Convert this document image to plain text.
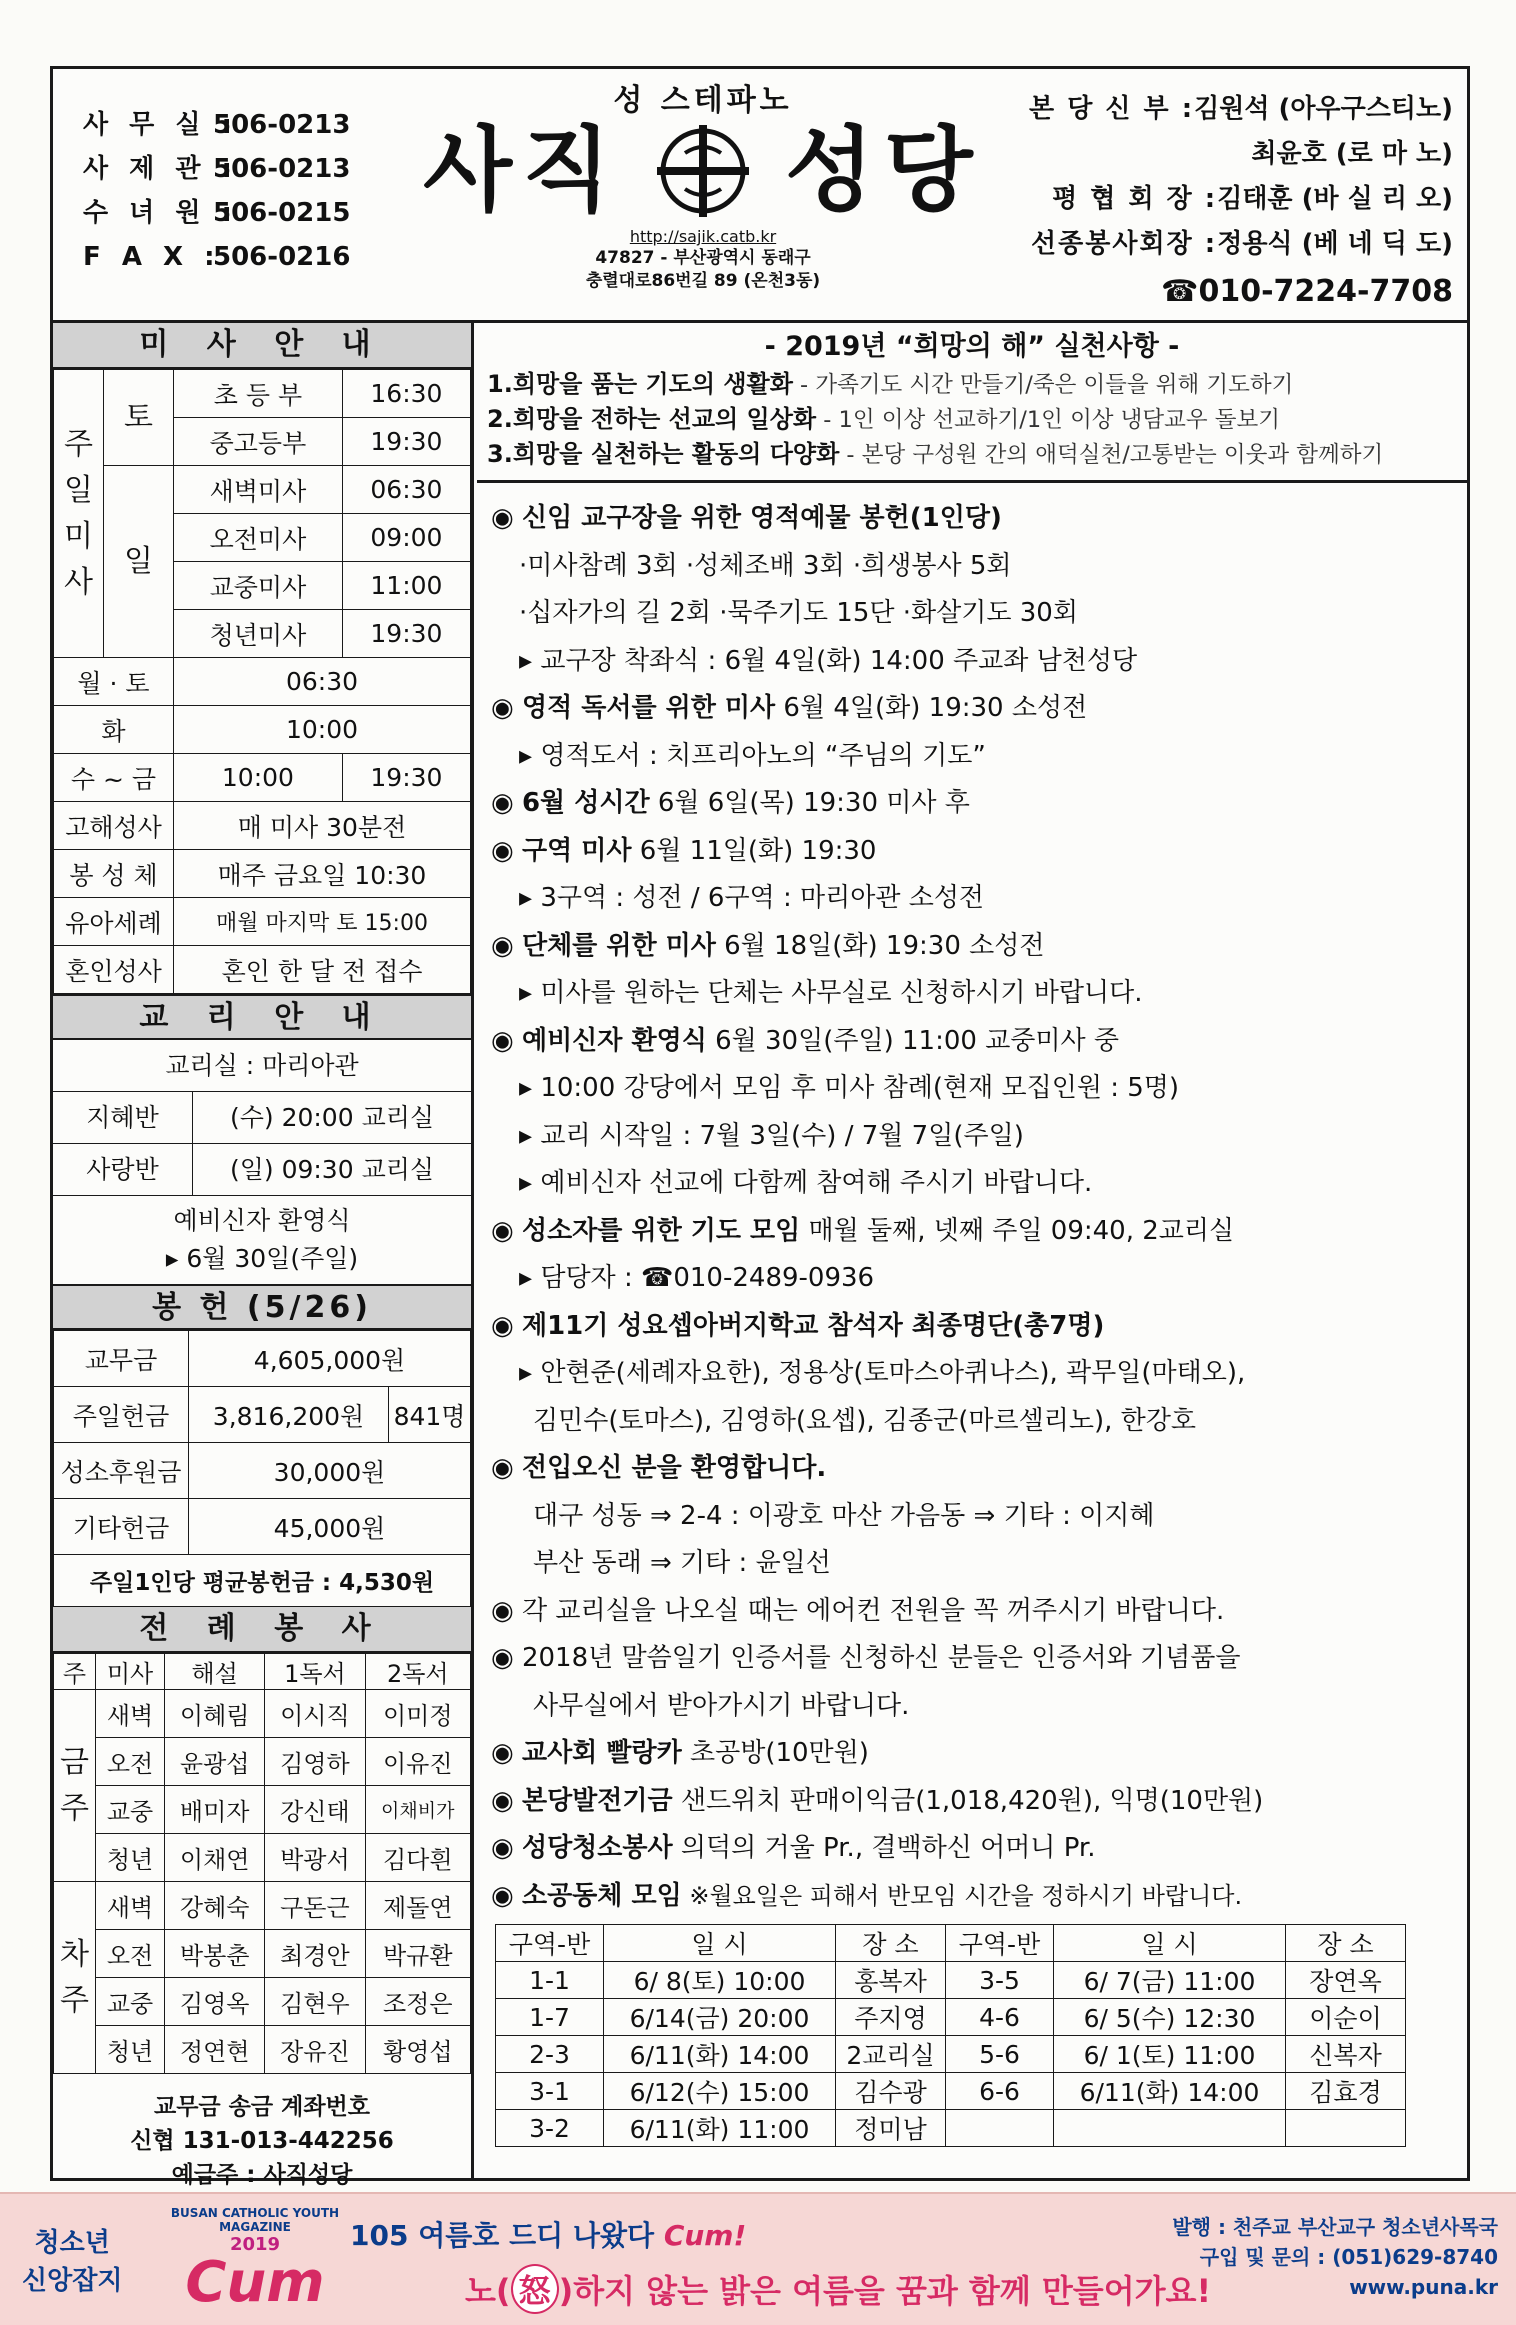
사 무 실 :
506-0213
사 제 관 :
506-0213
수 녀 원 :
506-0215
F A X :
506-0216
성 스테파노
사직 성당
http://sajik.catb.kr
47827 - 부산광역시 동래구
충렬대로86번길 89 (온천3동)
본 당 신 부 : 김원석 (아우구스티노)
최윤호 (로 마 노)
평 협 회 장 : 김태훈 (바 실 리 오)
선종봉사회장 : 정용식 (베 네 딕 도)
☎010-7224-7708
미 사 안 내
주일미사	토	초 등 부	16:30
		중고등부	19:30
	일	새벽미사	06:30
		오전미사	09:00
		교중미사	11:00
		청년미사	19:30
월 · 토		06:30	
화		10:00	
수 ~ 금		10:00	19:30
고해성사		매 미사 30분전	
봉 성 체		매주 금요일 10:30	
유아세례		매월 마지막 토 15:00	
혼인성사		혼인 한 달 전 접수	
교 리 안 내
교리실 : 마리아관
지혜반	(수) 20:00 교리실
사랑반	(일) 09:30 교리실
예비신자 환영식
▸ 6월 30일(주일)
봉 헌 (5/26)
교무금	4,605,000원	
주일헌금	3,816,200원	841명
성소후원금	30,000원	
기타헌금	45,000원	
주일1인당 평균봉헌금 : 4,530원		
전 례 봉 사
주	미사	해설	1독서	2독서

금주	새벽	이혜림	이시직	이미정
	오전	윤광섭	김영하	이유진
	교중	배미자	강신태	이채비가
	청년	이채연	박광서	김다흰

차주	새벽	강혜숙	구돈근	제돌연
	오전	박봉춘	최경안	박규환
	교중	김영옥	김현우	조정은
	청년	정연현	장유진	황영섭
교무금 송금 계좌번호
신협 131-013-442256
예금주 : 사직성당
- 2019년 “희망의 해” 실천사항 -
1.희망을 품는 기도의 생활화 - 가족기도 시간 만들기/죽은 이들을 위해 기도하기
2.희망을 전하는 선교의 일상화 - 1인 이상 선교하기/1인 이상 냉담교우 돌보기
3.희망을 실천하는 활동의 다양화 - 본당 구성원 간의 애덕실천/고통받는 이웃과 함께하기
◉ 신임 교구장을 위한 영적예물 봉헌(1인당)
·미사참례 3회 ·성체조배 3회 ·희생봉사 5회
·십자가의 길 2회 ·묵주기도 15단 ·화살기도 30회
▸ 교구장 착좌식 : 6월 4일(화) 14:00 주교좌 남천성당
◉ 영적 독서를 위한 미사 6월 4일(화) 19:30 소성전
▸ 영적도서 : 치프리아노의 “주님의 기도”
◉ 6월 성시간 6월 6일(목) 19:30 미사 후
◉ 구역 미사 6월 11일(화) 19:30
▸ 3구역 : 성전 / 6구역 : 마리아관 소성전
◉ 단체를 위한 미사 6월 18일(화) 19:30 소성전
▸ 미사를 원하는 단체는 사무실로 신청하시기 바랍니다.
◉ 예비신자 환영식 6월 30일(주일) 11:00 교중미사 중
▸ 10:00 강당에서 모임 후 미사 참례(현재 모집인원 : 5명)
▸ 교리 시작일 : 7월 3일(수) / 7월 7일(주일)
▸ 예비신자 선교에 다함께 참여해 주시기 바랍니다.
◉ 성소자를 위한 기도 모임 매월 둘째, 넷째 주일 09:40, 2교리실
▸ 담당자 : ☎010-2489-0936
◉ 제11기 성요셉아버지학교 참석자 최종명단(총7명)
▸ 안현준(세례자요한), 정용상(토마스아퀴나스), 곽무일(마태오),
김민수(토마스), 김영하(요셉), 김종군(마르셀리노), 한강호
◉ 전입오신 분을 환영합니다.
대구 성동 ⇒ 2-4 : 이광호 마산 가음동 ⇒ 기타 : 이지혜
부산 동래 ⇒ 기타 : 윤일선
◉ 각 교리실을 나오실 때는 에어컨 전원을 꼭 꺼주시기 바랍니다.
◉ 2018년 말씀일기 인증서를 신청하신 분들은 인증서와 기념품을
사무실에서 받아가시기 바랍니다.
◉ 교사회 빨랑카 초공방(10만원)
◉ 본당발전기금 샌드위치 판매이익금(1,018,420원), 익명(10만원)
◉ 성당청소봉사 의덕의 거울 Pr., 결백하신 어머니 Pr.
◉ 소공동체 모임 ※월요일은 피해서 반모임 시간을 정하시기 바랍니다.
구역-반	일 시	장 소	구역-반	일 시	장 소
1-1	6/ 8(토) 10:00	홍복자	3-5	6/ 7(금) 11:00	장연옥
1-7	6/14(금) 20:00	주지영	4-6	6/ 5(수) 12:30	이순이
2-3	6/11(화) 14:00	2교리실	5-6	6/ 1(토) 11:00	신복자
3-1	6/12(수) 15:00	김수광	6-6	6/11(화) 14:00	김효경
3-2	6/11(화) 11:00	정미남			
청소년
신앙잡지
BUSAN CATHOLIC YOUTH MAGAZINE
2019
Cum
105 여름호 드디 나왔다 Cum!
노( 怒 )하지 않는 밝은 여름을 꿈과 함께 만들어가요!
발행 : 천주교 부산교구 청소년사목국
구입 및 문의 : (051)629-8740
www.puna.kr
